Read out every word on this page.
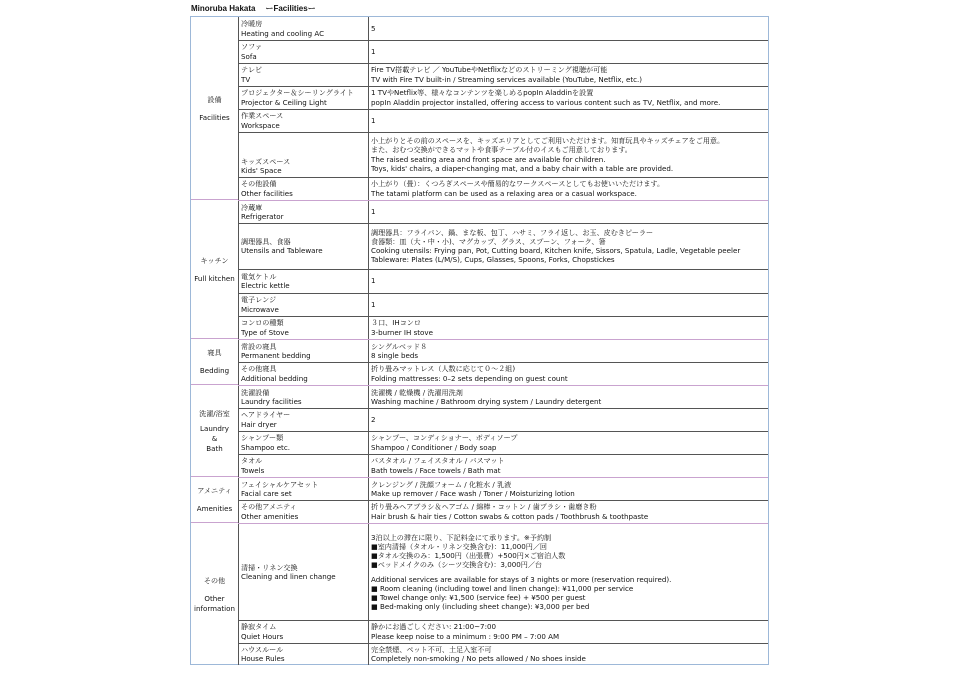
Minoruba Hakata ーFacilitiesー
設備
Facilities
キッチン
Full kitchen
寝具
Bedding
洗濯/浴室
Laundry
&
Bath
アメニティ
Amenities
その他
Other
information
冷暖房
Heating and cooling AC
5
ソファ
Sofa
1
テレビ
TV
Fire TV搭載テレビ ／ YouTubeやNetflixなどのストリーミング視聴が可能
TV with Fire TV built-in / Streaming services available (YouTube, Netflix, etc.)
プロジェクター＆シーリングライト
Projector & Ceiling Light
1 TVやNetflix等、様々なコンテンツを楽しめるpopIn Aladdinを設置
popIn Aladdin projector installed, offering access to various content such as TV, Netflix, and more.
作業スペース
Workspace
1
キッズスペース
Kids' Space
小上がりとその前のスペースを、キッズエリアとしてご利用いただけます。知育玩具やキッズチェアをご用意。
また、おむつ交換ができるマットや食事テーブル付のイスもご用意しております。
The raised seating area and front space are available for children.
Toys, kids' chairs, a diaper-changing mat, and a baby chair with a table are provided.
その他設備
Other facilities
小上がり（畳）：くつろぎスペースや簡易的なワークスペースとしてもお使いいただけます。
The tatami platform can be used as a relaxing area or a casual workspace.
冷蔵庫
Refrigerator
1
調理器具、食器
Utensils and Tableware
調理器具：フライパン、鍋、まな板、包丁、ハサミ、フライ返し、お玉、皮むきピーラー
食器類：皿（大・中・小)、マグカップ、グラス、スプーン、フォーク、箸
Cooking utensils: Frying pan, Pot, Cutting board, Kitchen knife, Sissors, Spatula, Ladle, Vegetable peeler
Tableware: Plates (L/M/S), Cups, Glasses, Spoons, Forks, Chopstickes
電気ケトル
Electric kettle
1
電子レンジ
Microwave
1
コンロの種類
Type of Stove
３口、IHコンロ
3-burner IH stove
常設の寝具
Permanent bedding
シングルベッド８
8 single beds
その他寝具
Additional bedding
折り畳みマットレス（人数に応じて０～２組)
Folding mattresses: 0–2 sets depending on guest count
洗濯設備
Laundry facilities
洗濯機 / 乾燥機 / 洗濯用洗剤
Washing machine / Bathroom drying system / Laundry detergent
ヘアドライヤー
Hair dryer
2
シャンプー類
Shampoo etc.
シャンプー、コンディショナー、ボディソープ
Shampoo / Conditioner / Body soap
タオル
Towels
バスタオル / フェイスタオル / バスマット
Bath towels / Face towels / Bath mat
フェイシャルケアセット
Facial care set
クレンジング / 洗顔フォーム / 化粧水 / 乳液
Make up remover / Face wash / Toner / Moisturizing lotion
その他アメニティ
Other amenities
折り畳みヘアブラシ＆ヘアゴム / 綿棒・コットン / 歯ブラシ・歯磨き粉
Hair brush & hair ties / Cotton swabs & cotton pads / Toothbrush & toothpaste
清掃・リネン交換
Cleaning and linen change
3泊以上の滞在に限り、下記料金にて承ります。※予約制
■室内清掃（タオル・リネン交換含む)：11,000円／回
■タオル交換のみ：1,500円（出張費）+500円×ご宿泊人数
■ベッドメイクのみ（シーツ交換含む)：3,000円／台
Additional services are available for stays of 3 nights or more (reservation required).
■ Room cleaning (including towel and linen change): ¥11,000 per service
■ Towel change only: ¥1,500 (service fee) + ¥500 per guest
■ Bed-making only (including sheet change): ¥3,000 per bed
静寂タイム
Quiet Hours
静かにお過ごしください: 21:00~7:00
Please keep noise to a minimum : 9:00 PM – 7:00 AM
ハウスルール
House Rules
完全禁煙、ペット不可、土足入室不可
Completely non-smoking / No pets allowed / No shoes inside
